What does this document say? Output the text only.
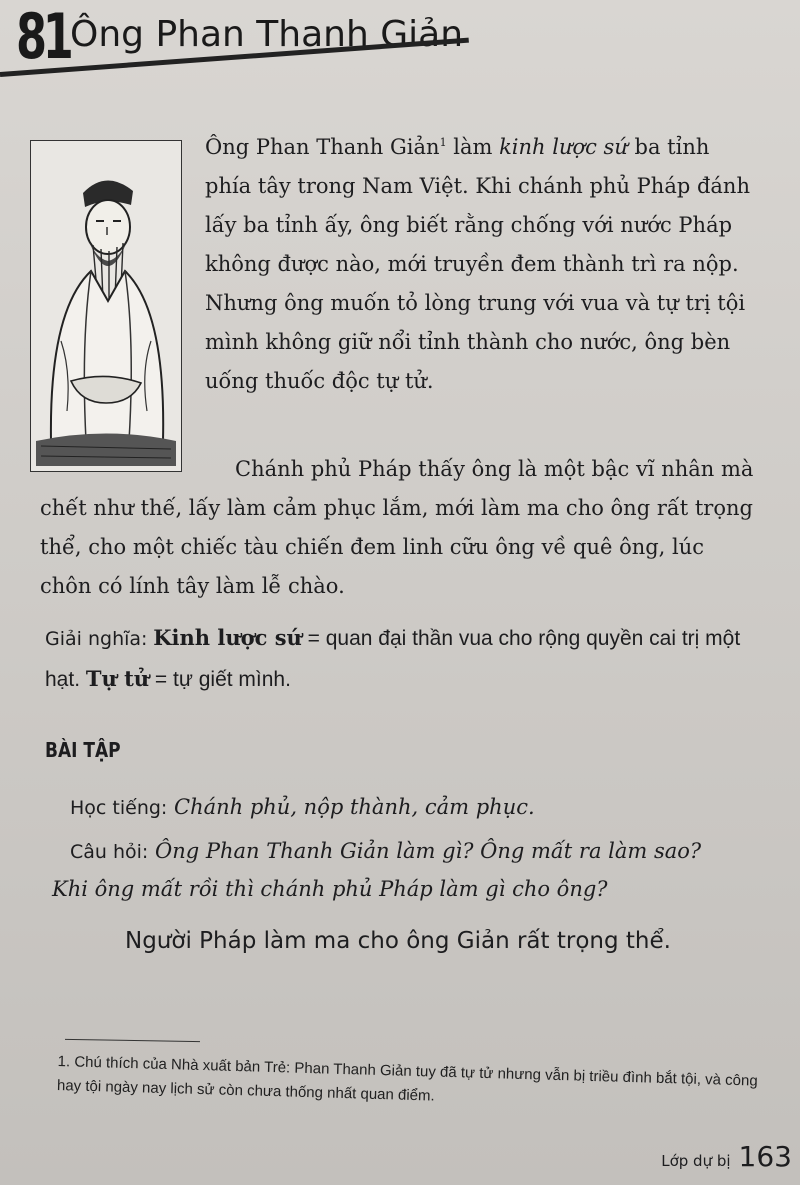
81 Ông Phan Thanh Giản
Ông Phan Thanh Giản$^1$ làm kinh lược sứ ba tỉnh phía tây trong Nam Việt. Khi chánh phủ Pháp đánh lấy ba tỉnh ấy, ông biết rằng chống với nước Pháp không được nào, mới truyền đem thành trì ra nộp. Nhưng ông muốn tỏ lòng trung với vua và tự trị tội mình không giữ nổi tỉnh thành cho nước, ông bèn uống thuốc độc tự tử.
Chánh phủ Pháp thấy ông là một bậc vĩ nhân mà chết như thế, lấy làm cảm phục lắm, mới làm ma cho ông rất trọng thể, cho một chiếc tàu chiến đem linh cữu ông về quê ông, lúc chôn có lính tây làm lễ chào.
Giải nghĩa: Kinh lược sứ = quan đại thần vua cho rộng quyền cai trị một hạt. Tự tử = tự giết mình.
BÀI TẬP
Học tiếng: Chánh phủ, nộp thành, cảm phục.
Câu hỏi: Ông Phan Thanh Giản làm gì? Ông mất ra làm sao?
Khi ông mất rồi thì chánh phủ Pháp làm gì cho ông?
Người Pháp làm ma cho ông Giản rất trọng thể.
1. Chú thích của Nhà xuất bản Trẻ: Phan Thanh Giản tuy đã tự tử nhưng vẫn bị triều đình bắt tội, và công hay tội ngày nay lịch sử còn chưa thống nhất quan điểm.
Lớp dự bị 163
